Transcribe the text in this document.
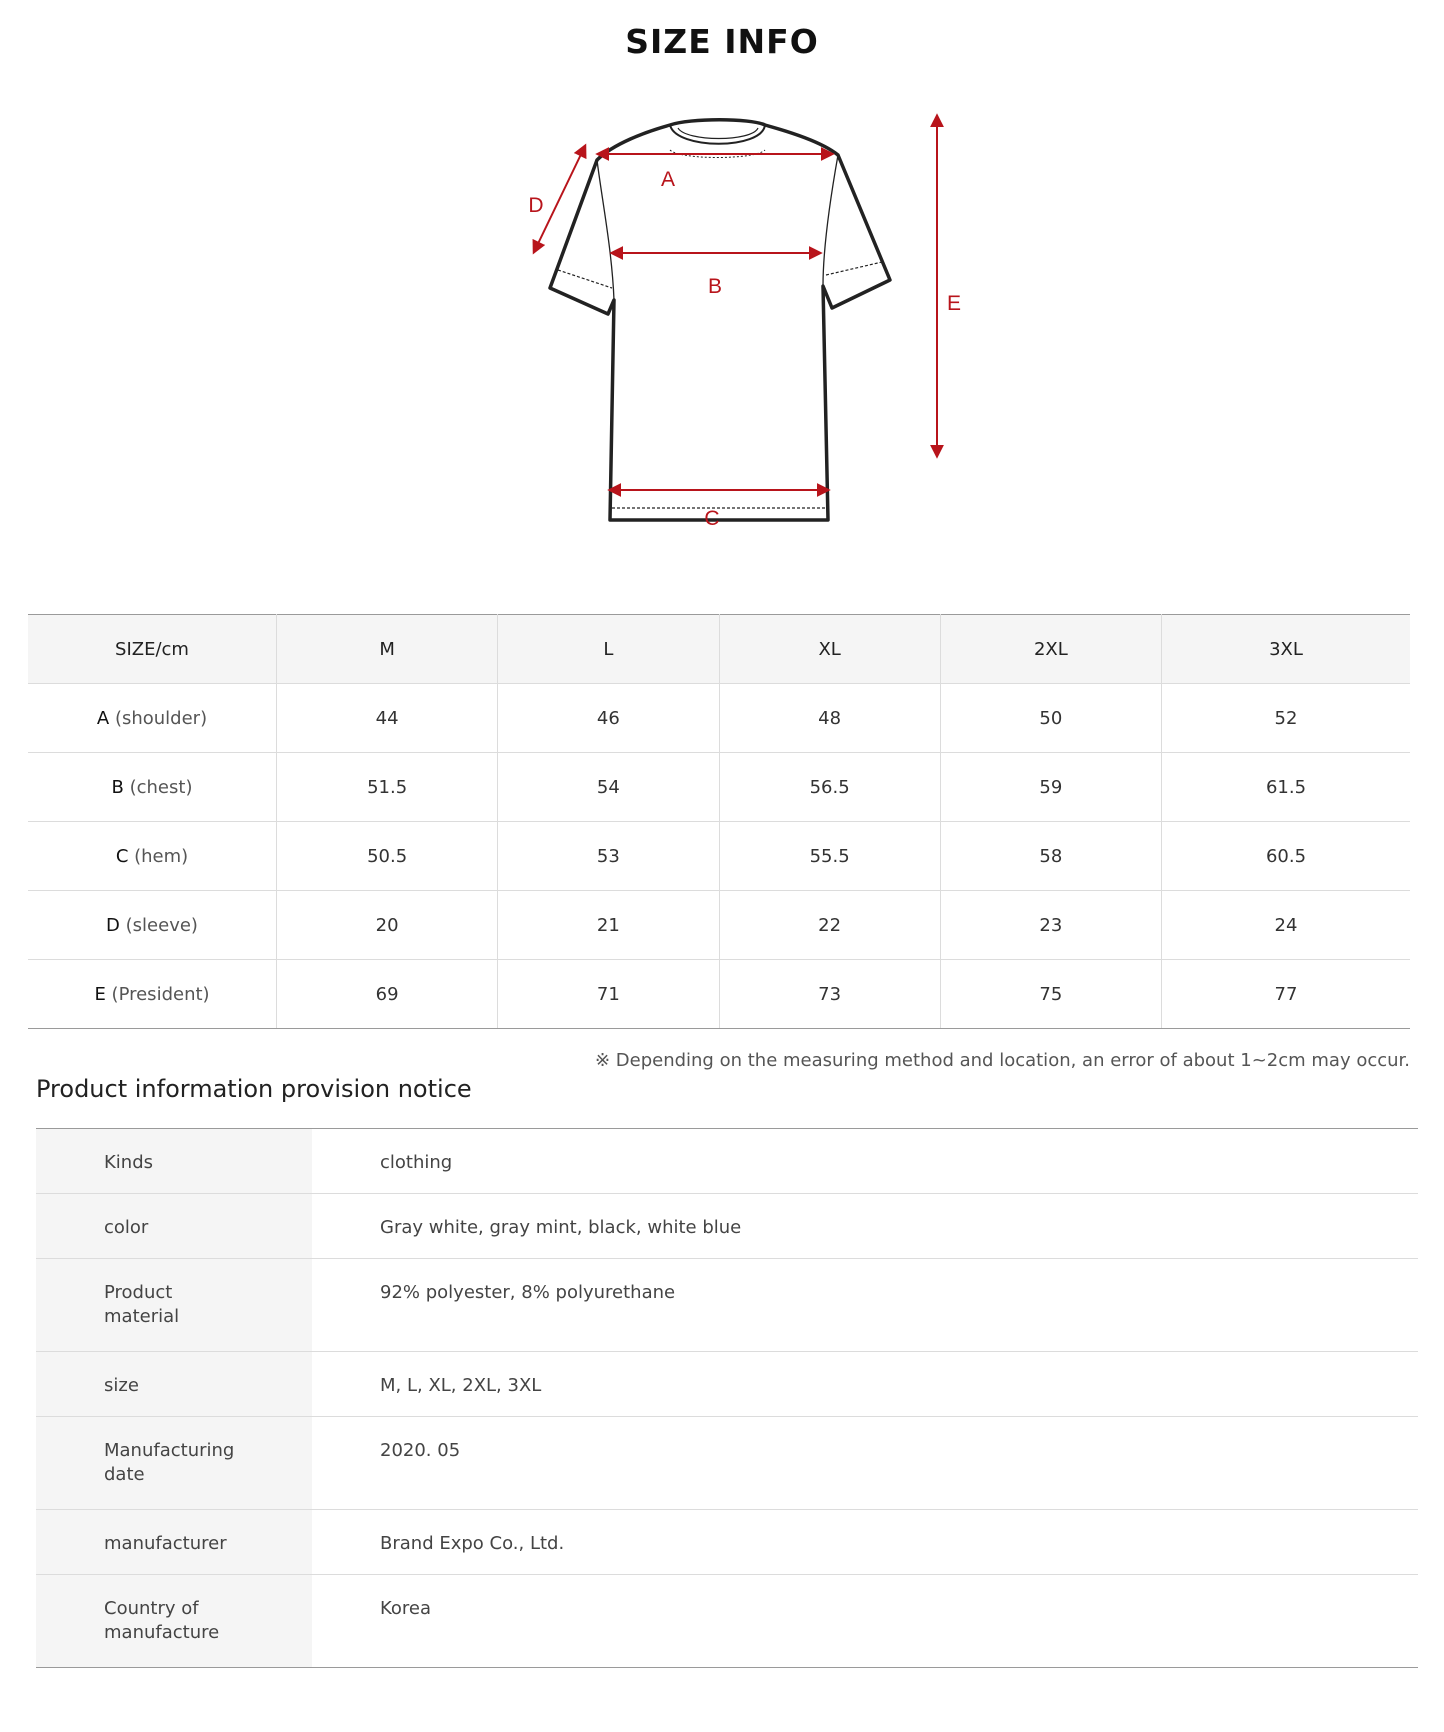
SIZE INFO
A
B
C
D
E
SIZE/cm	M	L	XL	2XL	3XL
A (shoulder)	44	46	48	50	52
B (chest)	51.5	54	56.5	59	61.5
C (hem)	50.5	53	55.5	58	60.5
D (sleeve)	20	21	22	23	24
E (President)	69	71	73	75	77
※ Depending on the measuring method and location, an error of about 1~2cm may occur.
Product information provision notice
Kinds	clothing
color	Gray white, gray mint, black, white blue
Product
material	92% polyester, 8% polyurethane
size	M, L, XL, 2XL, 3XL
Manufacturing
date	2020. 05
manufacturer	Brand Expo Co., Ltd.
Country of
manufacture	Korea
